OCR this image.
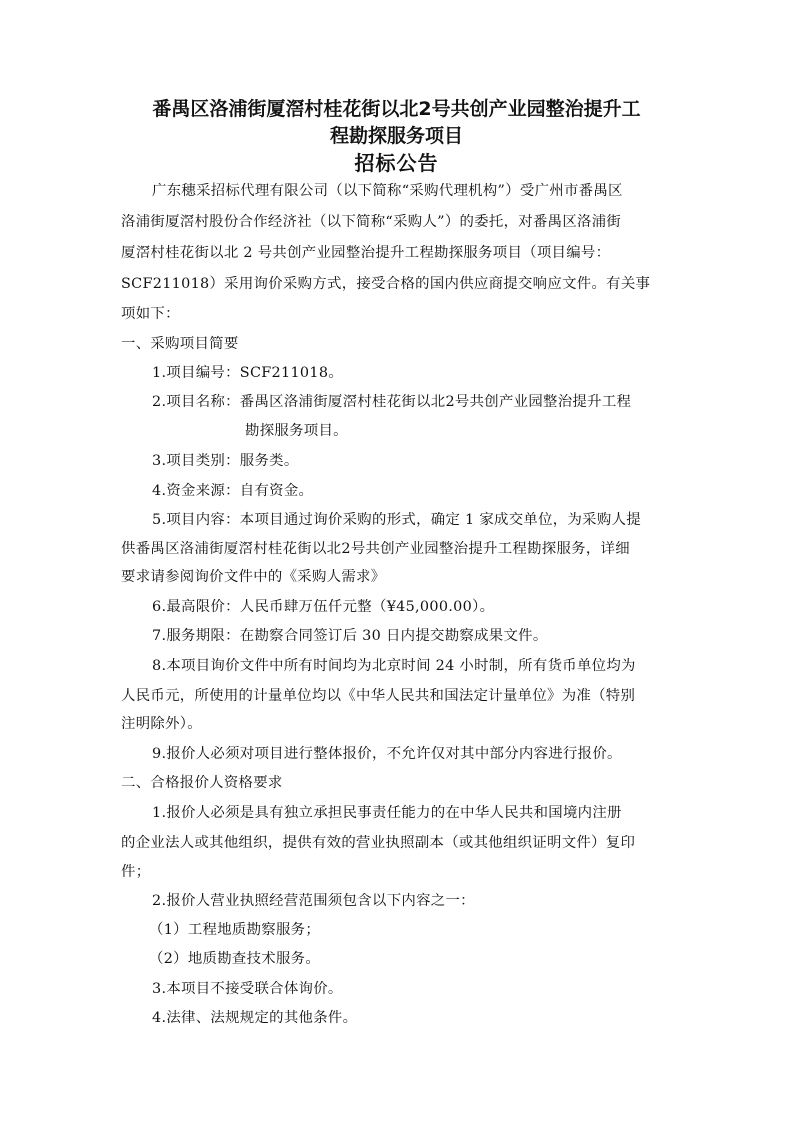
番禺区洛浦街厦滘村桂花街以北2号共创产业园整治提升工
程勘探服务项目
招标公告
广东穗采招标代理有限公司（以下简称“采购代理机构”）受广州市番禺区
洛浦街厦滘村股份合作经济社（以下简称“采购人”）的委托，对番禺区洛浦街
厦滘村桂花街以北 2 号共创产业园整治提升工程勘探服务项目（项目编号：
SCF211018）采用询价采购方式，接受合格的国内供应商提交响应文件。有关事
项如下：
一、采购项目简要
1.项目编号：SCF211018。
2.项目名称：番禺区洛浦街厦滘村桂花街以北2号共创产业园整治提升工程
勘探服务项目。
3.项目类别：服务类。
4.资金来源：自有资金。
5.项目内容：本项目通过询价采购的形式，确定 1 家成交单位，为采购人提
供番禺区洛浦街厦滘村桂花街以北2号共创产业园整治提升工程勘探服务，详细
要求请参阅询价文件中的《采购人需求》
6.最高限价：人民币肆万伍仟元整（¥45,000.00）。
7.服务期限：在勘察合同签订后 30 日内提交勘察成果文件。
8.本项目询价文件中所有时间均为北京时间 24 小时制，所有货币单位均为
人民币元，所使用的计量单位均以《中华人民共和国法定计量单位》为准（特别
注明除外）。
9.报价人必须对项目进行整体报价，不允许仅对其中部分内容进行报价。
二、合格报价人资格要求
1.报价人必须是具有独立承担民事责任能力的在中华人民共和国境内注册
的企业法人或其他组织，提供有效的营业执照副本（或其他组织证明文件）复印
件；
2.报价人营业执照经营范围须包含以下内容之一：
（1）工程地质勘察服务；
（2）地质勘查技术服务。
3.本项目不接受联合体询价。
4.法律、法规规定的其他条件。
